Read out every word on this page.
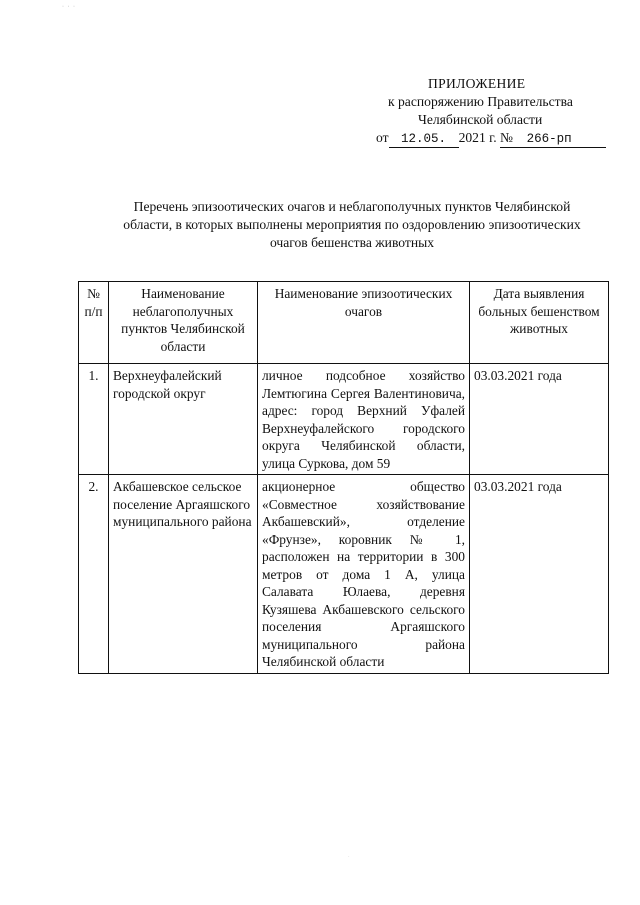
· · ·
ПРИЛОЖЕНИЕ
к распоряжению Правительства
Челябинской области
от 12.05. 2021 г. № 266-рп
Перечень эпизоотических очагов и неблагополучных пунктов Челябинской
области, в которых выполнены мероприятия по оздоровлению эпизоотических
очагов бешенства животных
№ п/п	Наименование неблагополучных пунктов Челябинской области	Наименование эпизоотических очагов	Дата выявления больных бешенством животных
1.	Верхнеуфалейский городской округ	личное подсобное хозяйство Лемтюгина Сергея Валентиновича, адрес: город Верхний Уфалей Верхнеуфалейского городского округа Челябинской области, улица Суркова, дом 59	03.03.2021 года
2.	Акбашевское сельское поселение Аргаяшского муниципального района	акционерное общество «Совместное хозяйствование Акбашевский», отделение «Фрунзе», коровник № 1, расположен на территории в 300 метров от дома 1 А, улица Салавата Юлаева, деревня Кузяшева Акбашевского сельского поселения Аргаяшского муниципального района Челябинской области	03.03.2021 года
·
